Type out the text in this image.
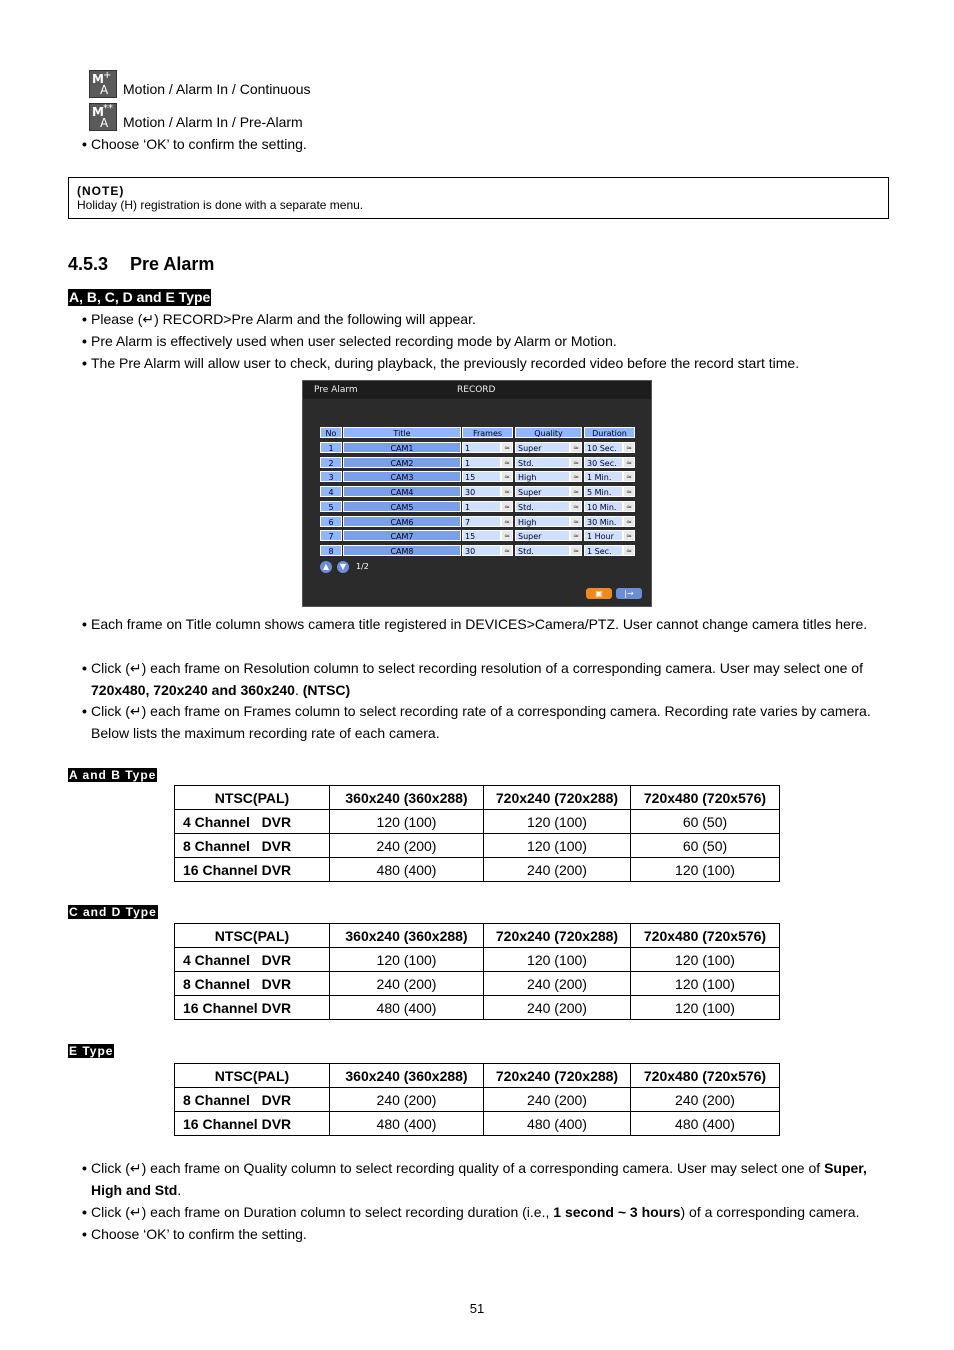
M +
A Motion / Alarm In / Continuous
M **
A Motion / Alarm In / Pre-Alarm
• Choose ‘OK’ to confirm the setting.
(NOTE)
Holiday (H) registration is done with a separate menu.
4.5.3 Pre Alarm
A, B, C, D and E Type
• Please (↵) RECORD>Pre Alarm and the following will appear.
• Pre Alarm is effectively used when user selected recording mode by Alarm or Motion.
• The Pre Alarm will allow user to check, during playback, the previously recorded video before the record start time.
Pre Alarm	RECORD
No	Title	Frames	Quality	Duration
1	CAM1	1	≈	Super	≈	10 Sec.	≈
2	CAM2	1	≈	Std.	≈	30 Sec.	≈
3	CAM3	15	≈	High	≈	1 Min.	≈
4	CAM4	30	≈	Super	≈	5 Min.	≈
5	CAM5	1	≈	Std.	≈	10 Min.	≈
6	CAM6	7	≈	High	≈	30 Min.	≈
7	CAM7	15	≈	Super	≈	1 Hour	≈
8	CAM8	30	≈	Std.	≈	1 Sec.	≈
▲	▼	1/2
▣	|→
• Each frame on Title column shows camera title registered in DEVICES>Camera/PTZ. User cannot change camera titles here.
• Click (↵) each frame on Resolution column to select recording resolution of a corresponding camera. User may select one of 720x480, 720x240 and 360x240. (NTSC)
• Click (↵) each frame on Frames column to select recording rate of a corresponding camera. Recording rate varies by camera. Below lists the maximum recording rate of each camera.
A and B Type
NTSC(PAL)	360x240 (360x288)	720x240 (720x288)	720x480 (720x576)
4 Channel   DVR	120 (100)	120 (100)	60 (50)
8 Channel   DVR	240 (200)	120 (100)	60 (50)
16 Channel DVR	480 (400)	240 (200)	120 (100)
C and D Type
NTSC(PAL)	360x240 (360x288)	720x240 (720x288)	720x480 (720x576)
4 Channel   DVR	120 (100)	120 (100)	120 (100)
8 Channel   DVR	240 (200)	240 (200)	120 (100)
16 Channel DVR	480 (400)	240 (200)	120 (100)
E Type
NTSC(PAL)	360x240 (360x288)	720x240 (720x288)	720x480 (720x576)
8 Channel   DVR	240 (200)	240 (200)	240 (200)
16 Channel DVR	480 (400)	480 (400)	480 (400)
• Click (↵) each frame on Quality column to select recording quality of a corresponding camera. User may select one of Super, High and Std.
• Click (↵) each frame on Duration column to select recording duration (i.e., 1 second ~ 3 hours) of a corresponding camera.
• Choose ‘OK’ to confirm the setting.
51
